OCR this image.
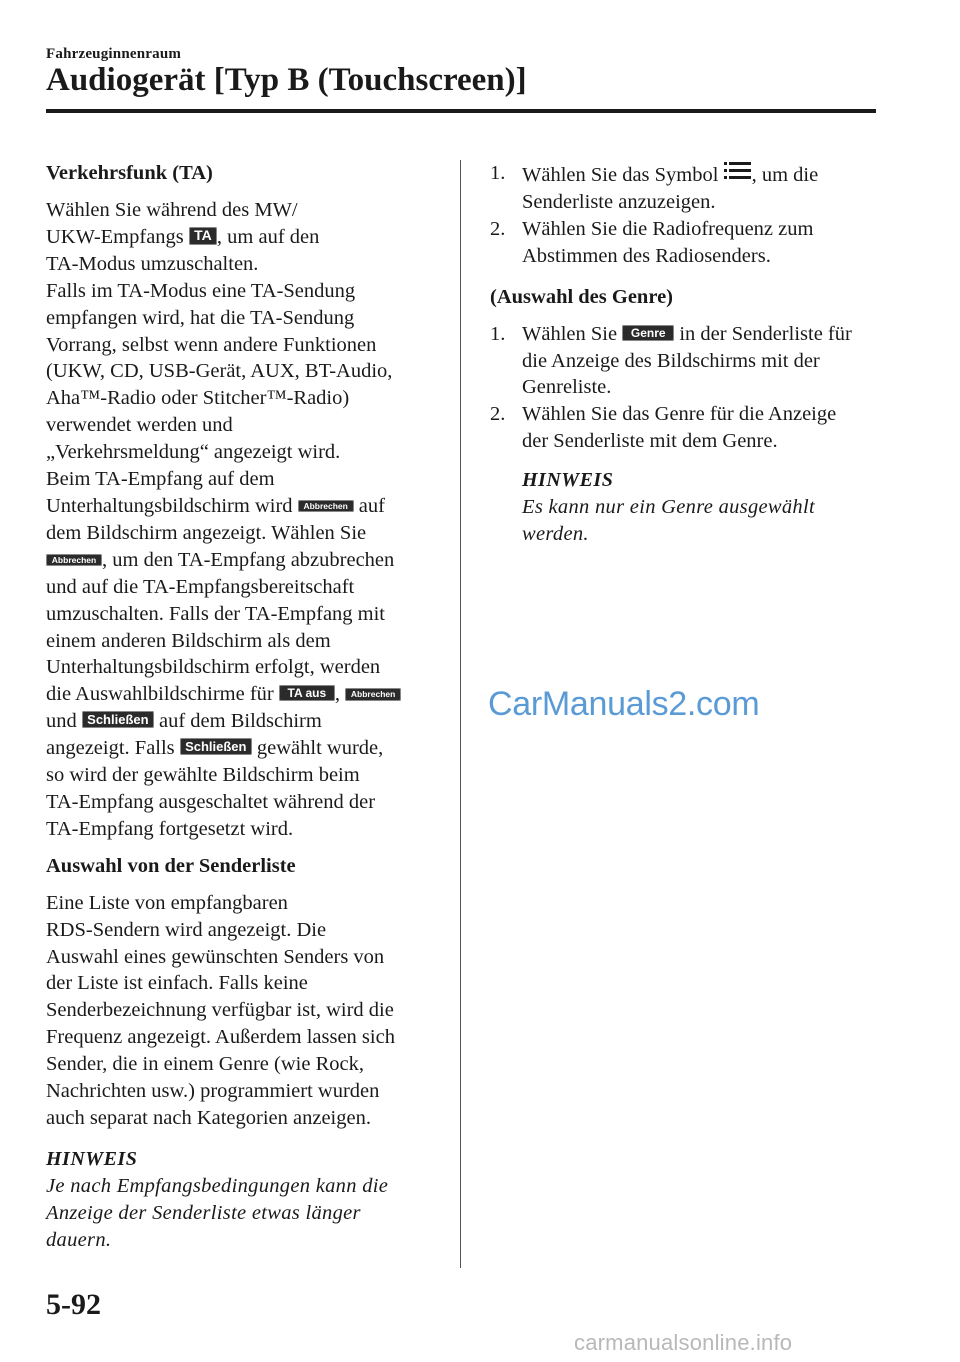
Fahrzeuginnenraum
Audiogerät [Typ B (Touchscreen)]
Verkehrsfunk (TA)
Wählen Sie während des MW/
UKW-Empfangs TA , um auf den
TA-Modus umzuschalten.
Falls im TA-Modus eine TA-Sendung
empfangen wird, hat die TA-Sendung
Vorrang, selbst wenn andere Funktionen
(UKW, CD, USB-Gerät, AUX, BT-Audio,
Aha™-Radio oder Stitcher™-Radio)
verwendet werden und
„Verkehrsmeldung“ angezeigt wird.
Beim TA-Empfang auf dem
Unterhaltungsbildschirm wird Abbrechen auf
dem Bildschirm angezeigt. Wählen Sie
Abbrechen , um den TA-Empfang abzubrechen
und auf die TA-Empfangsbereitschaft
umzuschalten. Falls der TA-Empfang mit
einem anderen Bildschirm als dem
Unterhaltungsbildschirm erfolgt, werden
die Auswahlbildschirme für TA aus , Abbrechen
und Schließen auf dem Bildschirm
angezeigt. Falls Schließen gewählt wurde,
so wird der gewählte Bildschirm beim
TA-Empfang ausgeschaltet während der
TA-Empfang fortgesetzt wird.
Auswahl von der Senderliste
Eine Liste von empfangbaren
RDS-Sendern wird angezeigt. Die
Auswahl eines gewünschten Senders von
der Liste ist einfach. Falls keine
Senderbezeichnung verfügbar ist, wird die
Frequenz angezeigt. Außerdem lassen sich
Sender, die in einem Genre (wie Rock,
Nachrichten usw.) programmiert wurden
auch separat nach Kategorien anzeigen.
HINWEIS
Je nach Empfangsbedingungen kann die
Anzeige der Senderliste etwas länger
dauern.
1. Wählen Sie das Symbol
, um die
Senderliste anzuzeigen.
2. Wählen Sie die Radiofrequenz zum
Abstimmen des Radiosenders.
(Auswahl des Genre)
1. Wählen Sie Genre in der Senderliste für
die Anzeige des Bildschirms mit der
Genreliste.
2. Wählen Sie das Genre für die Anzeige
der Senderliste mit dem Genre.
HINWEIS
Es kann nur ein Genre ausgewählt
werden.
CarManuals2.com
5-92
carmanualsonline.info
